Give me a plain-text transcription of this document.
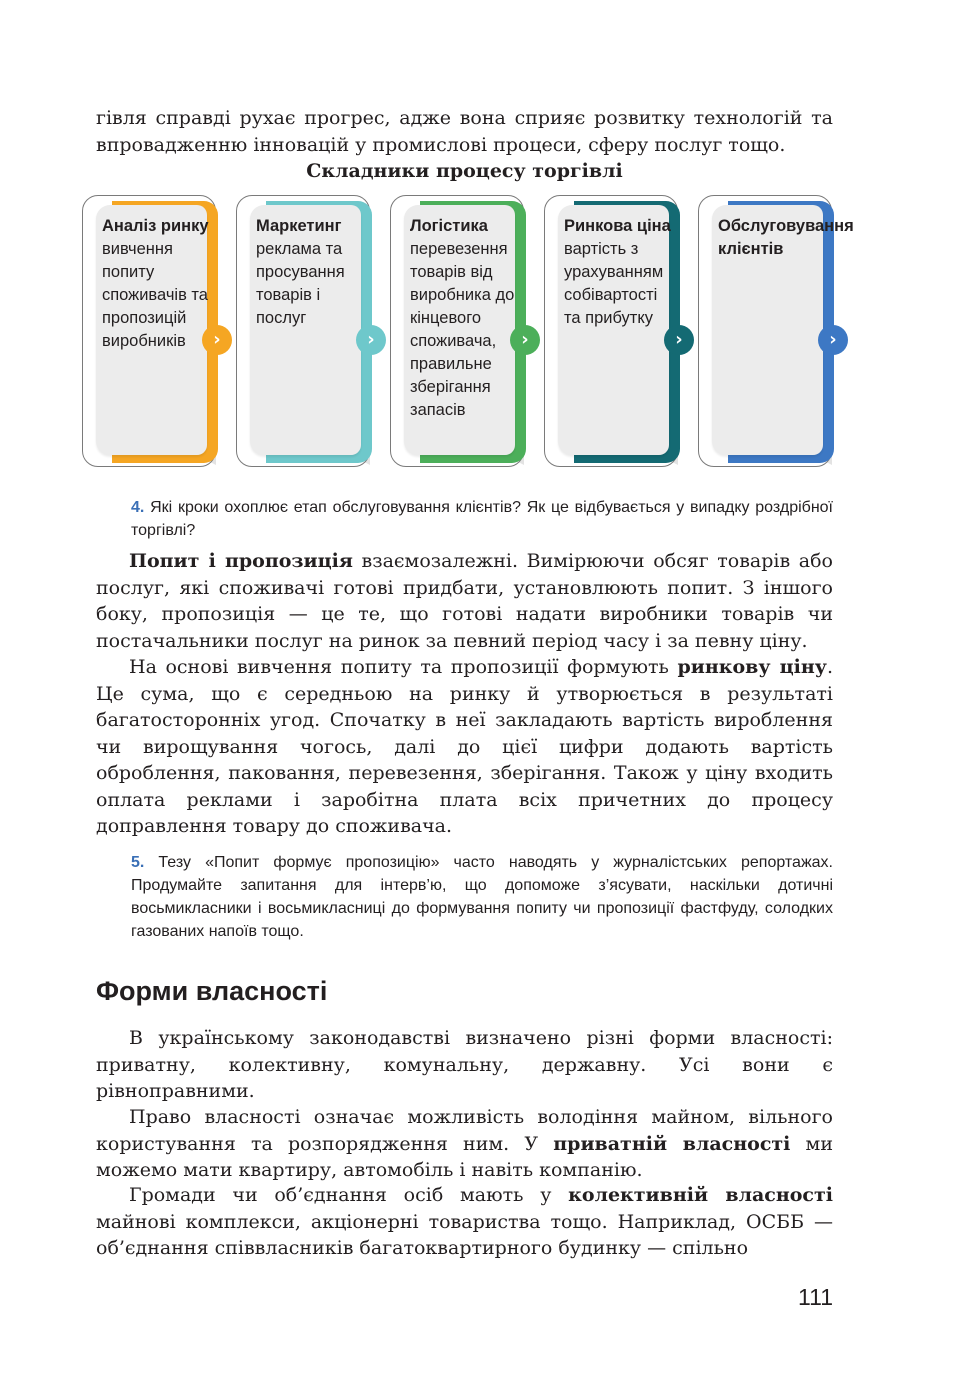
гівля справді рухає прогрес, адже вона сприяє розвитку технологій та впровадженню інновацій у промислові процеси, сферу послуг тощо.

Складники процесу торгівлі
Аналіз ринку
вивчення попиту споживачів та пропозицій виробників	›
Маркетинг
реклама та просування товарів і послуг
›
Логістика
перевезення товарів від виробника до кінцевого споживача, правильне зберігання запасів
›
Ринкова ціна
вартість з урахуванням собівартості та прибутку
›
Обслуговування клієнтів
›

4. Які кроки охоплює етап обслуговування клієнтів? Як це відбувається у випадку роздрібної торгівлі?

Попит і пропозиція взаємозалежні. Вимірюючи обсяг товарів або послуг, які споживачі готові придбати, установлюють попит. З іншого боку, пропозиція — це те, що готові надати виробники товарів чи постачальники послуг на ринок за певний період часу і за певну ціну.

На основі вивчення попиту та пропозиції формують ринкову ціну. Це сума, що є середньою на ринку й утворюється в результаті багатосторонніх угод. Спочатку в неї закладають вартість вироблення чи вирощування чогось, далі до цієї цифри додають вартість оброблення, паковання, перевезення, зберігання. Також у ціну входить оплата реклами і заробітна плата всіх причетних до процесу доправлення товару до споживача.

5. Тезу «Попит формує пропозицію» часто наводять у журналістських репортажах. Продумайте запитання для інтерв’ю, що допоможе з’ясувати, наскільки дотичні восьмикласники і восьмикласниці до формування попиту чи пропозиції фастфуду, солодких газованих напоїв тощо.

Форми власності

В українському законодавстві визначено різні форми власності: приватну, колективну, комунальну, державну. Усі вони є рівноправними.

Право власності означає можливість володіння майном, вільного користування та розпорядження ним. У приватній власності ми можемо мати квартиру, автомобіль і навіть компанію.

Громади чи об’єднання осіб мають у колективній власності майнові комплекси, акціонерні товариства тощо. Наприклад, ОСББ — об’єднання співвласників багатоквартирного будинку — спільно

111
